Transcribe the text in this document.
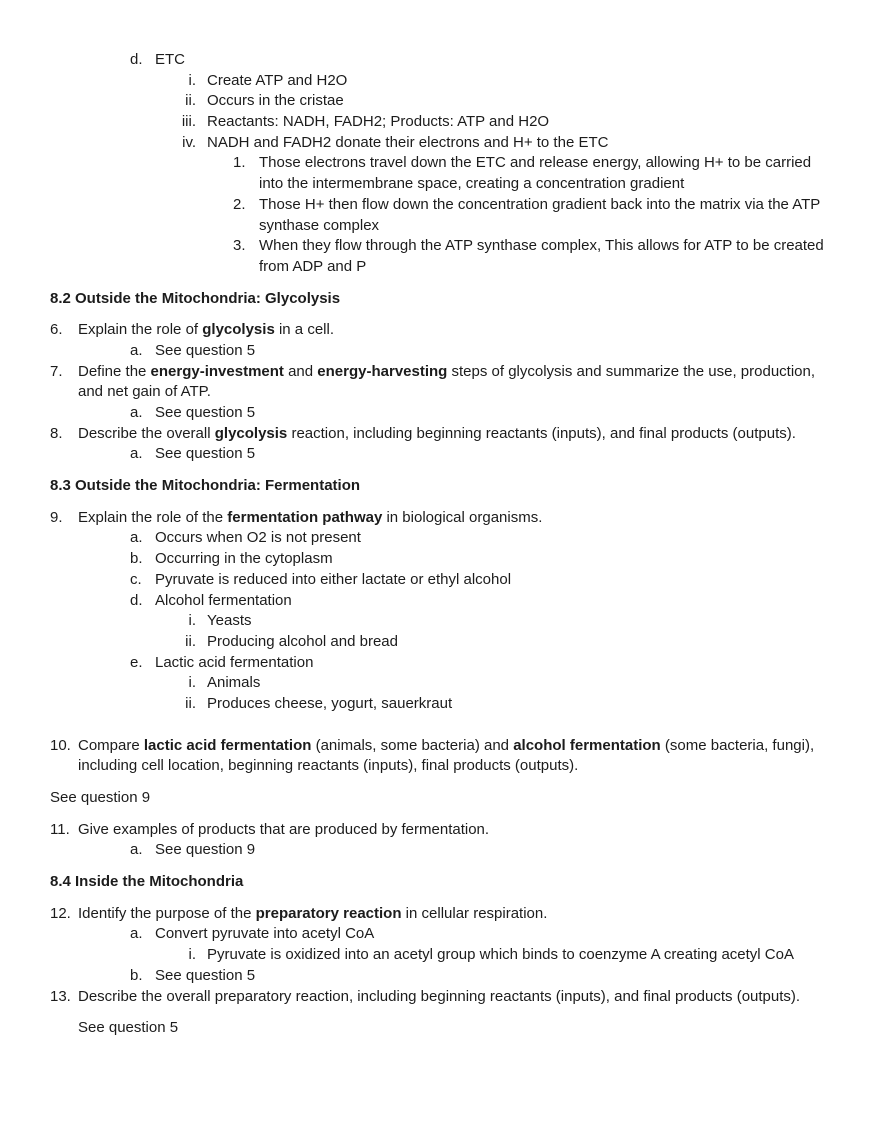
d. ETC
i. Create ATP and H2O
ii. Occurs in the cristae
iii. Reactants: NADH, FADH2; Products: ATP and H2O
iv. NADH and FADH2 donate their electrons and H+ to the ETC
1. Those electrons travel down the ETC and release energy, allowing H+ to be carried into the intermembrane space, creating a concentration gradient
2. Those H+ then flow down the concentration gradient back into the matrix via the ATP synthase complex
3. When they flow through the ATP synthase complex, This allows for ATP to be created from ADP and P
8.2 Outside the Mitochondria: Glycolysis
6.	Explain the role of glycolysis in a cell.
a. See question 5
7.	Define the energy-investment and energy-harvesting steps of glycolysis and summarize the use, production, and net gain of ATP.
a. See question 5
8.	Describe the overall glycolysis reaction, including beginning reactants (inputs), and final products (outputs).
a. See question 5
8.3 Outside the Mitochondria: Fermentation
9.	Explain the role of the fermentation pathway in biological organisms.
a. Occurs when O2 is not present
b. Occurring in the cytoplasm
c. Pyruvate is reduced into either lactate or ethyl alcohol
d. Alcohol fermentation
i. Yeasts
ii. Producing alcohol and bread
e. Lactic acid fermentation
i. Animals
ii. Produces cheese, yogurt, sauerkraut
10. Compare lactic acid fermentation (animals, some bacteria) and alcohol fermentation (some bacteria, fungi), including cell location, beginning reactants (inputs), final products (outputs).

See question 9

11. Give examples of products that are produced by fermentation.
a. See question 9
8.4 Inside the Mitochondria
12. Identify the purpose of the preparatory reaction in cellular respiration.
a. Convert pyruvate into acetyl CoA
i. Pyruvate is oxidized into an acetyl group which binds to coenzyme A creating acetyl CoA
b. See question 5
13. Describe the overall preparatory reaction, including beginning reactants (inputs), and final products (outputs).

See question 5
